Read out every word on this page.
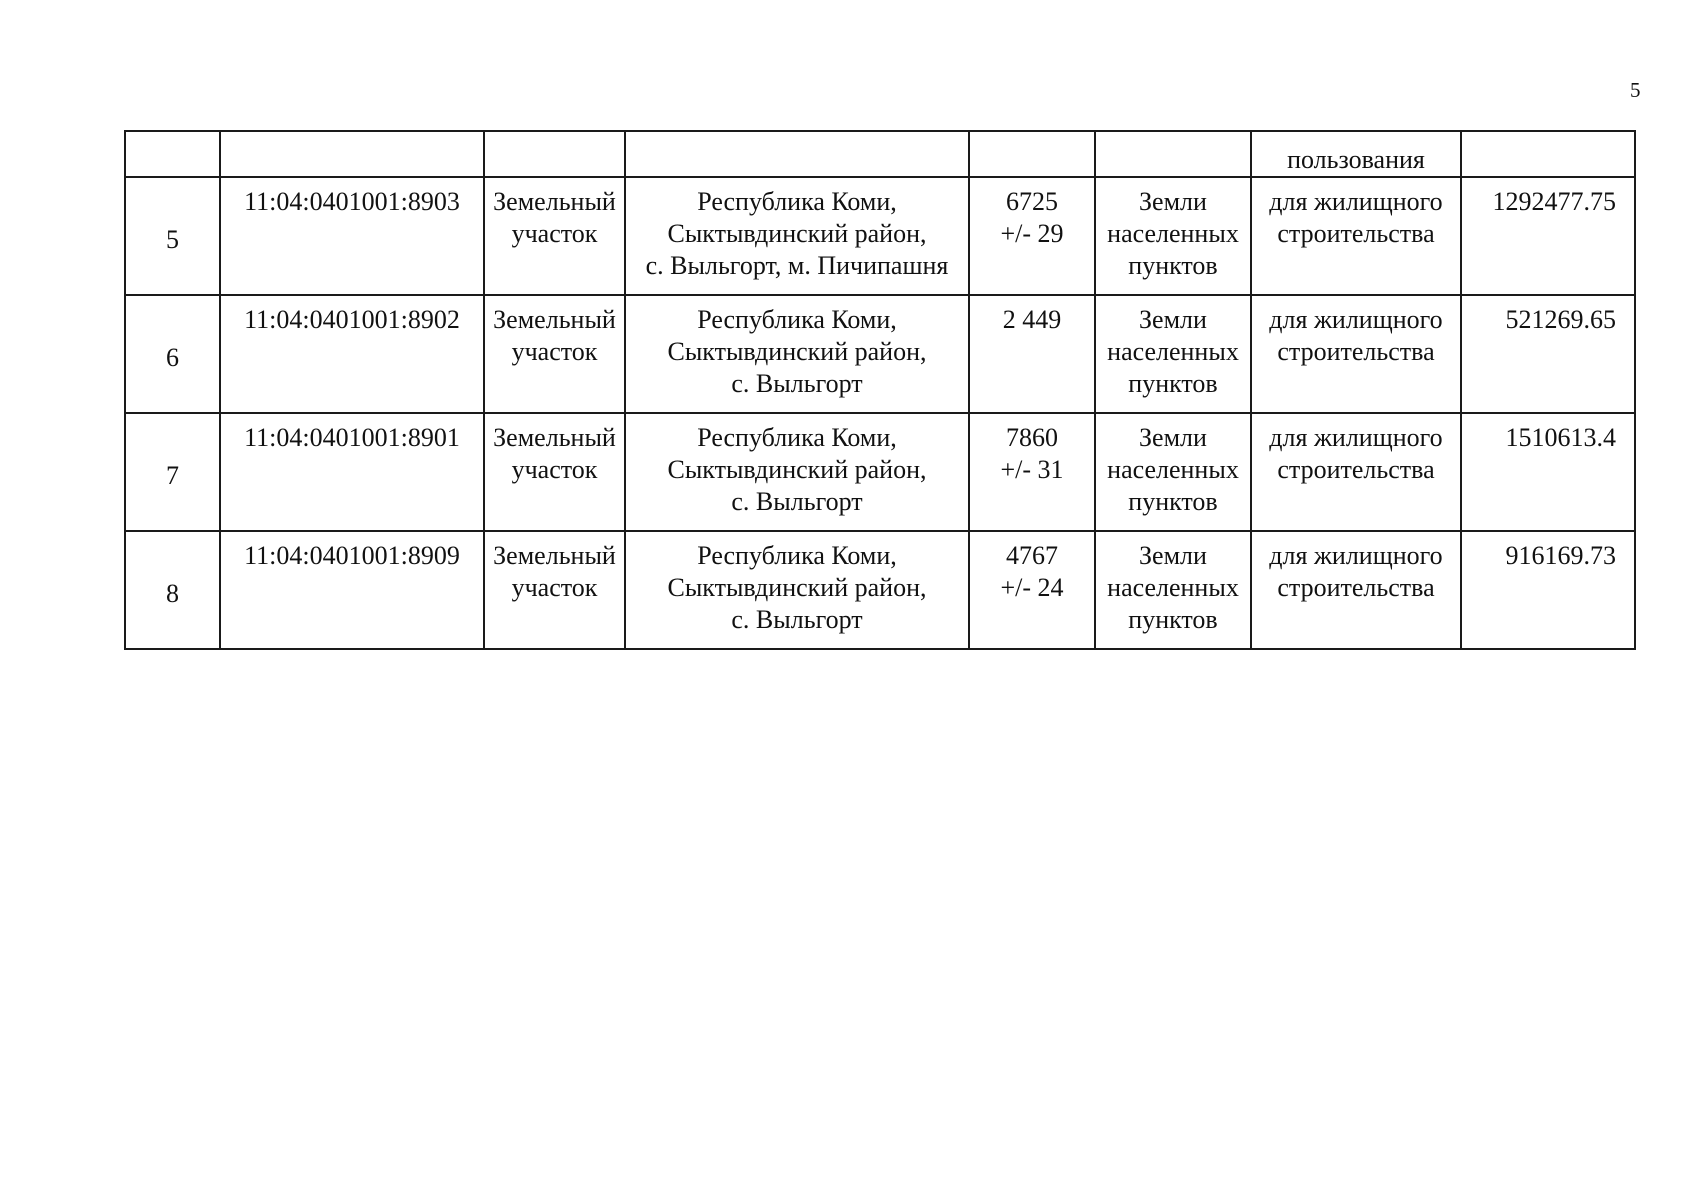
5
						пользования	
5	11:04:0401001:8903	Земельный
участок	Республика Коми,
Сыктывдинский район,
с. Выльгорт, м. Пичипашня	6725
+/- 29	Земли
населенных
пунктов	для жилищного
строительства	1292477.75
6	11:04:0401001:8902	Земельный
участок	Республика Коми,
Сыктывдинский район,
с. Выльгорт	2 449	Земли
населенных
пунктов	для жилищного
строительства	521269.65
7	11:04:0401001:8901	Земельный
участок	Республика Коми,
Сыктывдинский район,
с. Выльгорт	7860
+/- 31	Земли
населенных
пунктов	для жилищного
строительства	1510613.4
8	11:04:0401001:8909	Земельный
участок	Республика Коми,
Сыктывдинский район,
с. Выльгорт	4767
+/- 24	Земли
населенных
пунктов	для жилищного
строительства	916169.73
